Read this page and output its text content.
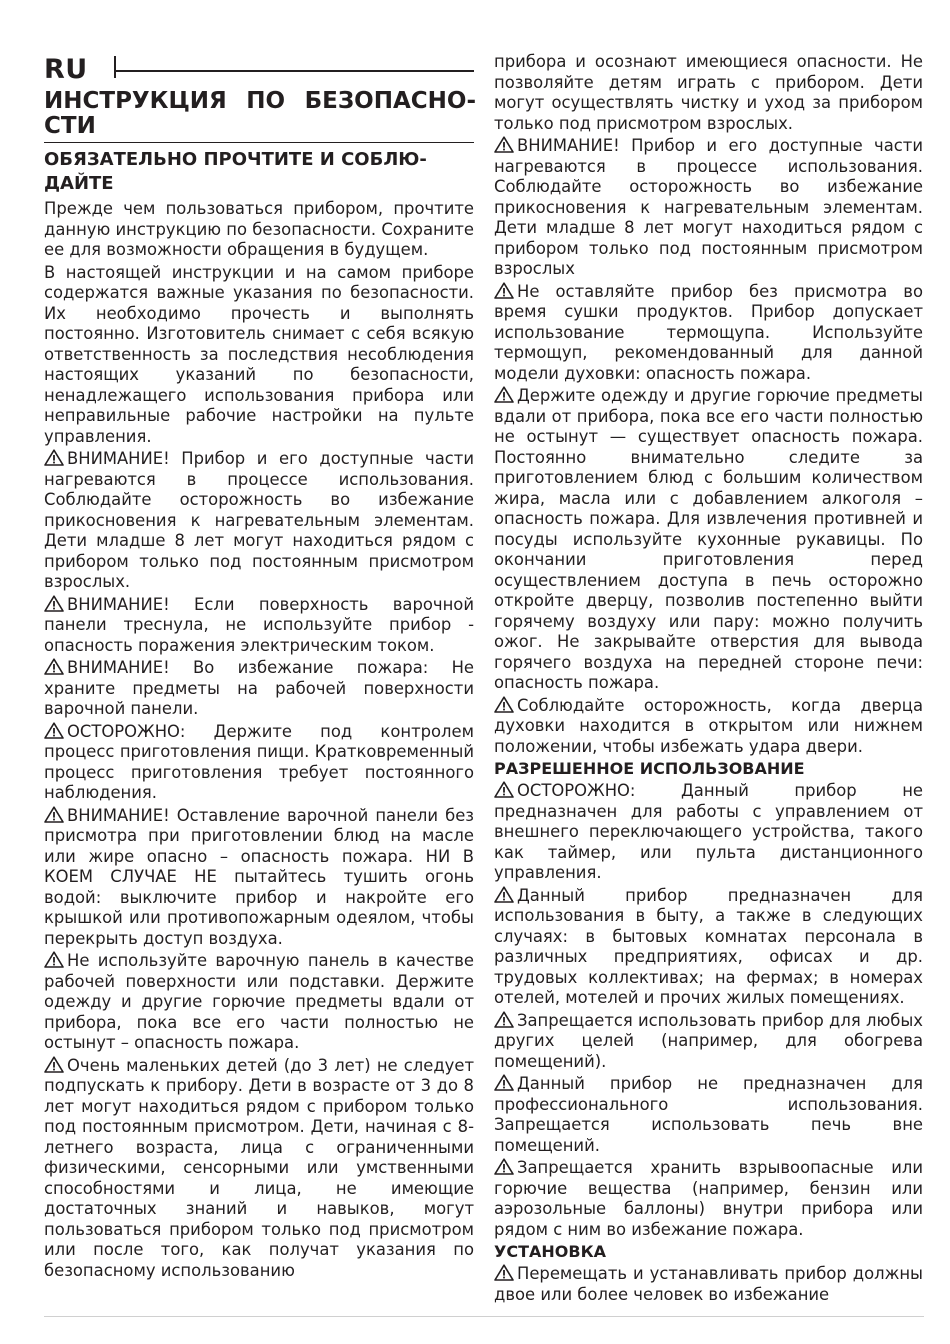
RU
ИНСТРУКЦИЯ ПО БЕЗОПАСНО-СТИ
ОБЯЗАТЕЛЬНО ПРОЧТИТЕ И СОБЛЮ-ДАЙТЕ
Прежде чем пользоваться прибором, прочтите данную инструкцию по безопасности. Сохраните ее для возможности обращения в будущем.
В настоящей инструкции и на самом приборе содержатся важные указания по безопасности. Их необходимо прочесть и выполнять постоянно. Изготовитель снимает с себя всякую ответственность за последствия несоблюдения настоящих указаний по безопасности, ненадлежащего использования прибора или неправильные рабочие настройки на пульте управления.
ВНИМАНИЕ! Прибор и его доступные части нагреваются в процессе использования. Соблюдайте осторожность во избежание прикосновения к нагревательным элементам. Дети младше 8 лет могут находиться рядом с прибором только под постоянным присмотром взрослых.
ВНИМАНИЕ! Если поверхность варочной панели треснула, не используйте прибор - опасность поражения электрическим током.
ВНИМАНИЕ! Во избежание пожара: Не храните предметы на рабочей поверхности варочной панели.
ОСТОРОЖНО: Держите под контролем процесс приготовления пищи. Кратковременный процесс приготовления требует постоянного наблюдения.
ВНИМАНИЕ! Оставление варочной панели без присмотра при приготовлении блюд на масле или жире опасно – опасность пожара. НИ В КОЕМ СЛУЧАЕ НЕ пытайтесь тушить огонь водой: выключите прибор и накройте его крышкой или противопожарным одеялом, чтобы перекрыть доступ воздуха.
Не используйте варочную панель в качестве рабочей поверхности или подставки. Держите одежду и другие горючие предметы вдали от прибора, пока все его части полностью не остынут – опасность пожара.
Очень маленьких детей (до 3 лет) не следует подпускать к прибору. Дети в возрасте от 3 до 8 лет могут находиться рядом с прибором только под постоянным присмотром. Дети, начиная с 8-летнего возраста, лица с ограниченными физическими, сенсорными или умственными способностями и лица, не имеющие достаточных знаний и навыков, могут пользоваться прибором только под присмотром или после того, как получат указания по безопасному использованию
прибора и осознают имеющиеся опасности. Не позволяйте детям играть с прибором. Дети могут осуществлять чистку и уход за прибором только под присмотром взрослых.
ВНИМАНИЕ! Прибор и его доступные части нагреваются в процессе использования. Соблюдайте осторожность во избежание прикосновения к нагревательным элементам. Дети младше 8 лет могут находиться рядом с прибором только под постоянным присмотром взрослых
Не оставляйте прибор без присмотра во время сушки продуктов. Прибор допускает использование термощупа. Используйте термощуп, рекомендованный для данной модели духовки: опасность пожара.
Держите одежду и другие горючие предметы вдали от прибора, пока все его части полностью не остынут — существует опасность пожара. Постоянно внимательно следите за приготовлением блюд с большим количеством жира, масла или с добавлением алкоголя – опасность пожара. Для извлечения противней и посуды используйте кухонные рукавицы. По окончании приготовления перед осуществлением доступа в печь осторожно откройте дверцу, позволив постепенно выйти горячему воздуху или пару: можно получить ожог. Не закрывайте отверстия для вывода горячего воздуха на передней стороне печи: опасность пожара.
Соблюдайте осторожность, когда дверца духовки находится в открытом или нижнем положении, чтобы избежать удара двери.
РАЗРЕШЕННОЕ ИСПОЛЬЗОВАНИЕ
ОСТОРОЖНО: Данный прибор не предназначен для работы с управлением от внешнего переключающего устройства, такого как таймер, или пульта дистанционного управления.
Данный прибор предназначен для использования в быту, а также в следующих случаях: в бытовых комнатах персонала в различных предприятиях, офисах и др. трудовых коллективах; на фермах; в номерах отелей, мотелей и прочих жилых помещениях.
Запрещается использовать прибор для любых других целей (например, для обогрева помещений).
Данный прибор не предназначен для профессионального использования. Запрещается использовать печь вне помещений.
Запрещается хранить взрывоопасные или горючие вещества (например, бензин или аэрозольные баллоны) внутри прибора или рядом с ним во избежание пожара.
УСТАНОВКА
Перемещать и устанавливать прибор должны двое или более человек во избежание
